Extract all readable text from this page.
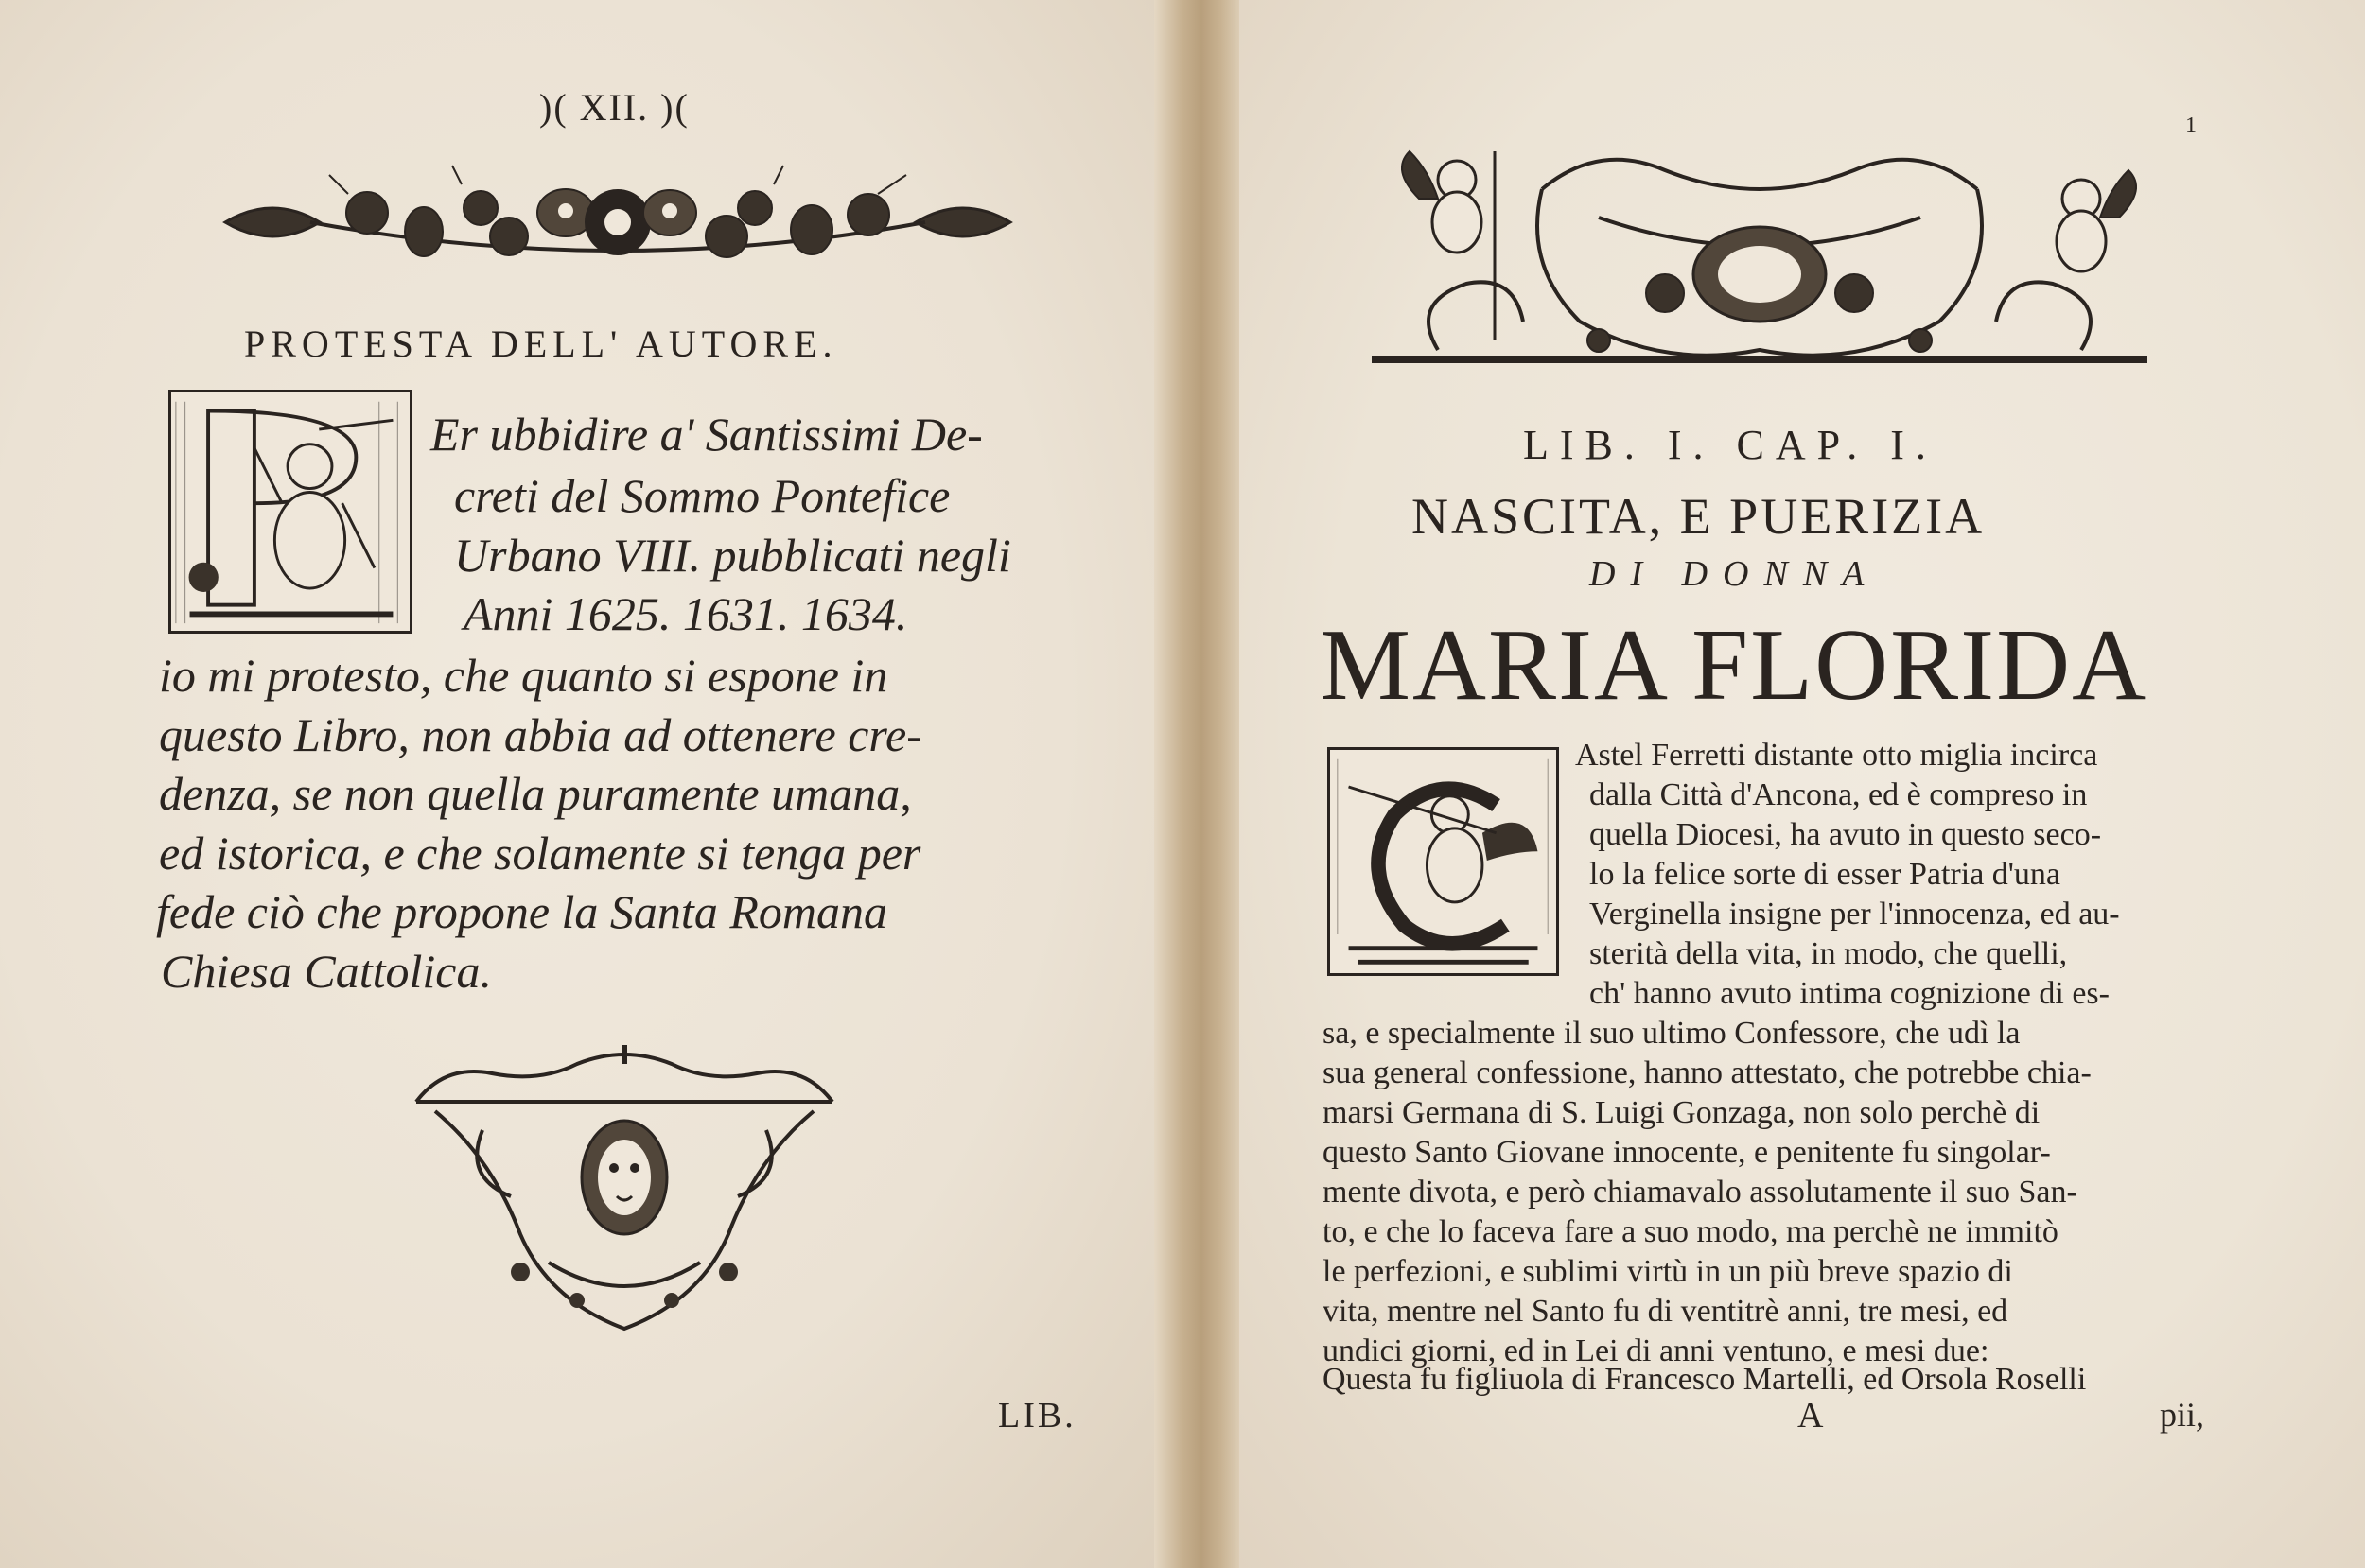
)( XII. )(
PROTESTA DELL' AUTORE.
Er ubbidire a' Santissimi De-
creti del Sommo Pontefice
Urbano VIII. pubblicati negli
Anni 1625. 1631. 1634.
io mi protesto, che quanto si espone in
questo Libro, non abbia ad ottenere cre-
denza, se non quella puramente umana,
ed istorica, e che solamente si tenga per
fede ciò che propone la Santa Romana
Chiesa Cattolica.
LIB.
1
LIB. I. CAP. I.
NASCITA, E PUERIZIA
DI DONNA
MARIA FLORIDA
Astel Ferretti distante otto miglia incirca
dalla Città d'Ancona, ed è compreso in
quella Diocesi, ha avuto in questo seco-
lo la felice sorte di esser Patria d'una
Verginella insigne per l'innocenza, ed au-
sterità della vita, in modo, che quelli,
ch' hanno avuto intima cognizione di es-
sa, e specialmente il suo ultimo Confessore, che udì la
sua general confessione, hanno attestato, che potrebbe chia-
marsi Germana di S. Luigi Gonzaga, non solo perchè di
questo Santo Giovane innocente, e penitente fu singolar-
mente divota, e però chiamavalo assolutamente il suo San-
to, e che lo faceva fare a suo modo, ma perchè ne immitò
le perfezioni, e sublimi virtù in un più breve spazio di
vita, mentre nel Santo fu di ventitrè anni, tre mesi, ed
undici giorni, ed in Lei di anni ventuno, e mesi due:
Questa fu figliuola di Francesco Martelli, ed Orsola Roselli
A	pii,
